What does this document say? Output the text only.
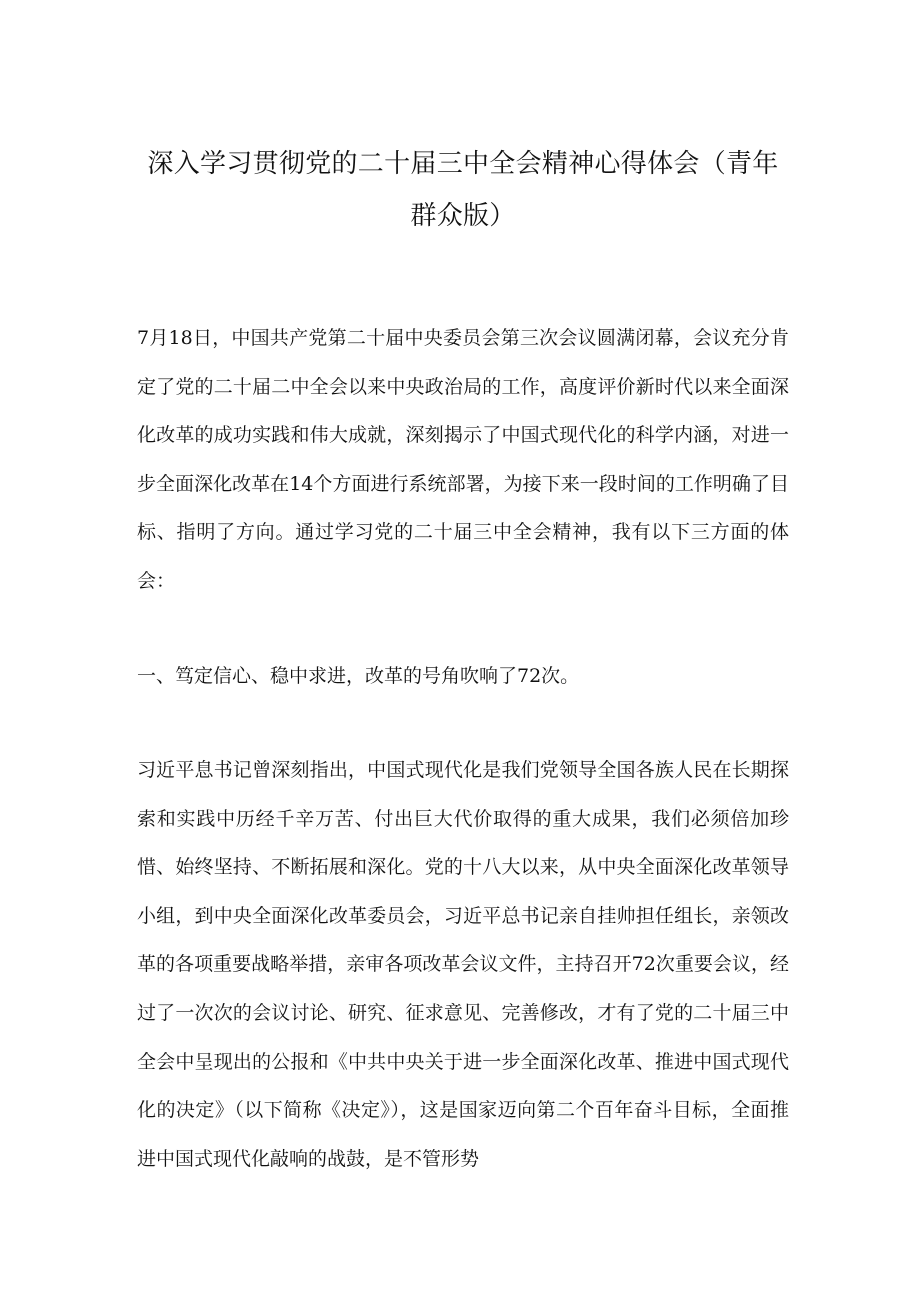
深入学习贯彻党的二十届三中全会精神心得体会（青年群众版）

7月18日，中国共产党第二十届中央委员会第三次会议圆满闭幕，会议充分肯定了党的二十届二中全会以来中央政治局的工作，高度评价新时代以来全面深化改革的成功实践和伟大成就，深刻揭示了中国式现代化的科学内涵，对进一步全面深化改革在14个方面进行系统部署，为接下来一段时间的工作明确了目标、指明了方向。通过学习党的二十届三中全会精神，我有以下三方面的体会：

一、笃定信心、稳中求进，改革的号角吹响了72次。

习近平息书记曾深刻指出，中国式现代化是我们党领导全国各族人民在长期探索和实践中历经千辛万苦、付出巨大代价取得的重大成果，我们必须倍加珍惜、始终坚持、不断拓展和深化。党的十八大以来，从中央全面深化改革领导小组，到中央全面深化改革委员会，习近平总书记亲自挂帅担任组长，亲领改革的各项重要战略举措，亲审各项改革会议文件，主持召开72次重要会议，经过了一次次的会议讨论、研究、征求意见、完善修改，才有了党的二十届三中全会中呈现出的公报和《中共中央关于进一步全面深化改革、推进中国式现代化的决定》（以下简称《决定》），这是国家迈向第二个百年奋斗目标，全面推进中国式现代化敲响的战鼓，是不管形势
